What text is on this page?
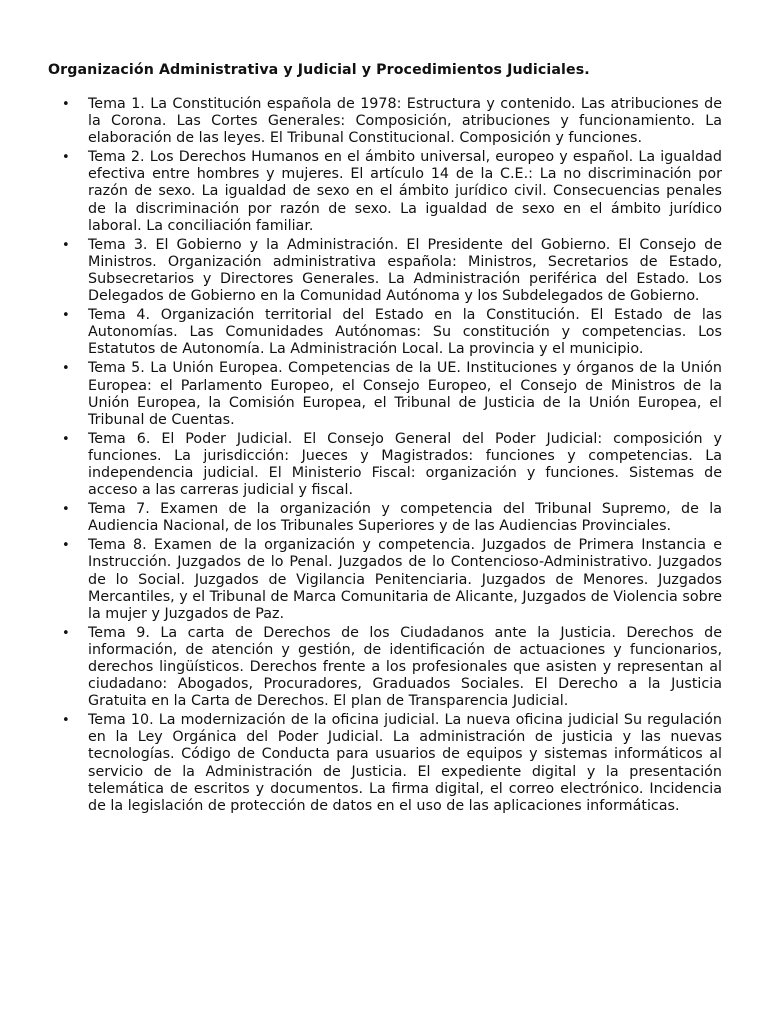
Organización Administrativa y Judicial y Procedimientos Judiciales.
• Tema 1. La Constitución española de 1978: Estructura y contenido. Las atribuciones de la Corona. Las Cortes Generales: Composición, atribuciones y funcionamiento. La elaboración de las leyes. El Tribunal Constitucional. Composición y funciones.
• Tema 2. Los Derechos Humanos en el ámbito universal, europeo y español. La igualdad efectiva entre hombres y mujeres. El artículo 14 de la C.E.: La no discriminación por razón de sexo. La igualdad de sexo en el ámbito jurídico civil. Consecuencias penales de la discriminación por razón de sexo. La igualdad de sexo en el ámbito jurídico laboral. La conciliación familiar.
• Tema 3. El Gobierno y la Administración. El Presidente del Gobierno. El Consejo de Ministros. Organización administrativa española: Ministros, Secretarios de Estado, Subsecretarios y Directores Generales. La Administración periférica del Estado. Los Delegados de Gobierno en la Comunidad Autónoma y los Subdelegados de Gobierno.
• Tema 4. Organización territorial del Estado en la Constitución. El Estado de las Autonomías. Las Comunidades Autónomas: Su constitución y competencias. Los Estatutos de Autonomía. La Administración Local. La provincia y el municipio.
• Tema 5. La Unión Europea. Competencias de la UE. Instituciones y órganos de la Unión Europea: el Parlamento Europeo, el Consejo Europeo, el Consejo de Ministros de la Unión Europea, la Comisión Europea, el Tribunal de Justicia de la Unión Europea, el Tribunal de Cuentas.
• Tema 6. El Poder Judicial. El Consejo General del Poder Judicial: composición y funciones. La jurisdicción: Jueces y Magistrados: funciones y competencias. La independencia judicial. El Ministerio Fiscal: organización y funciones. Sistemas de acceso a las carreras judicial y fiscal.
• Tema 7. Examen de la organización y competencia del Tribunal Supremo, de la Audiencia Nacional, de los Tribunales Superiores y de las Audiencias Provinciales.
• Tema 8. Examen de la organización y competencia. Juzgados de Primera Instancia e Instrucción. Juzgados de lo Penal. Juzgados de lo Contencioso-Administrativo. Juzgados de lo Social. Juzgados de Vigilancia Penitenciaria. Juzgados de Menores. Juzgados Mercantiles, y el Tribunal de Marca Comunitaria de Alicante, Juzgados de Violencia sobre la mujer y Juzgados de Paz.
• Tema 9. La carta de Derechos de los Ciudadanos ante la Justicia. Derechos de información, de atención y gestión, de identificación de actuaciones y funcionarios, derechos lingüísticos. Derechos frente a los profesionales que asisten y representan al ciudadano: Abogados, Procuradores, Graduados Sociales. El Derecho a la Justicia Gratuita en la Carta de Derechos. El plan de Transparencia Judicial.
• Tema 10. La modernización de la oficina judicial. La nueva oficina judicial Su regulación en la Ley Orgánica del Poder Judicial. La administración de justicia y las nuevas tecnologías. Código de Conducta para usuarios de equipos y sistemas informáticos al servicio de la Administración de Justicia. El expediente digital y la presentación telemática de escritos y documentos. La firma digital, el correo electrónico. Incidencia de la legislación de protección de datos en el uso de las aplicaciones informáticas.
